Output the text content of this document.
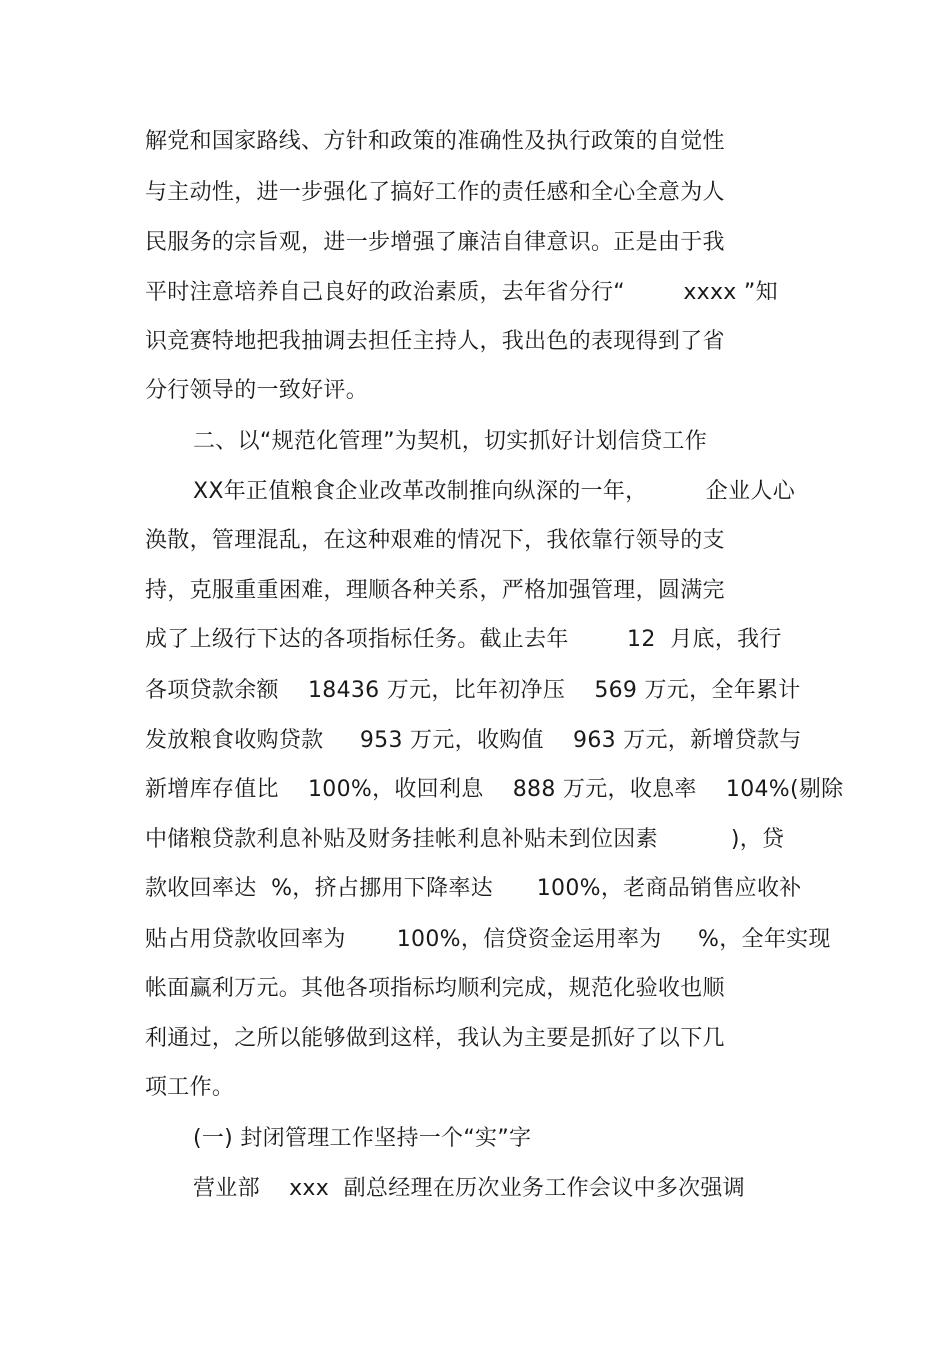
解党和国家路线、方针和政策的准确性及执行政策的自觉性
与主动性，进一步强化了搞好工作的责任感和全心全意为人
民服务的宗旨观，进一步增强了廉洁自律意识。正是由于我
平时注意培养自己良好的政治素质，去年省分行“        xxxx ”知
识竞赛特地把我抽调去担任主持人，我出色的表现得到了省
分行领导的一致好评。
二、以“规范化管理”为契机，切实抓好计划信贷工作
XX年正值粮食企业改革改制推向纵深的一年，        企业人心
涣散，管理混乱，在这种艰难的情况下，我依靠行领导的支
持，克服重重困难，理顺各种关系，严格加强管理，圆满完
成了上级行下达的各项指标任务。截止去年        12  月底，我行
各项贷款余额    18436 万元，比年初净压    569 万元，全年累计
发放粮食收购贷款     953 万元，收购值    963 万元，新增贷款与
新增库存值比    100%，收回利息    888 万元，收息率    104%(剔除
中储粮贷款利息补贴及财务挂帐利息补贴未到位因素          )，贷
款收回率达  %，挤占挪用下降率达      100%，老商品销售应收补
贴占用贷款收回率为       100%，信贷资金运用率为     %，全年实现
帐面赢利万元。其他各项指标均顺利完成，规范化验收也顺
利通过，之所以能够做到这样，我认为主要是抓好了以下几
项工作。
(一) 封闭管理工作坚持一个“实”字
营业部    xxx  副总经理在历次业务工作会议中多次强调
